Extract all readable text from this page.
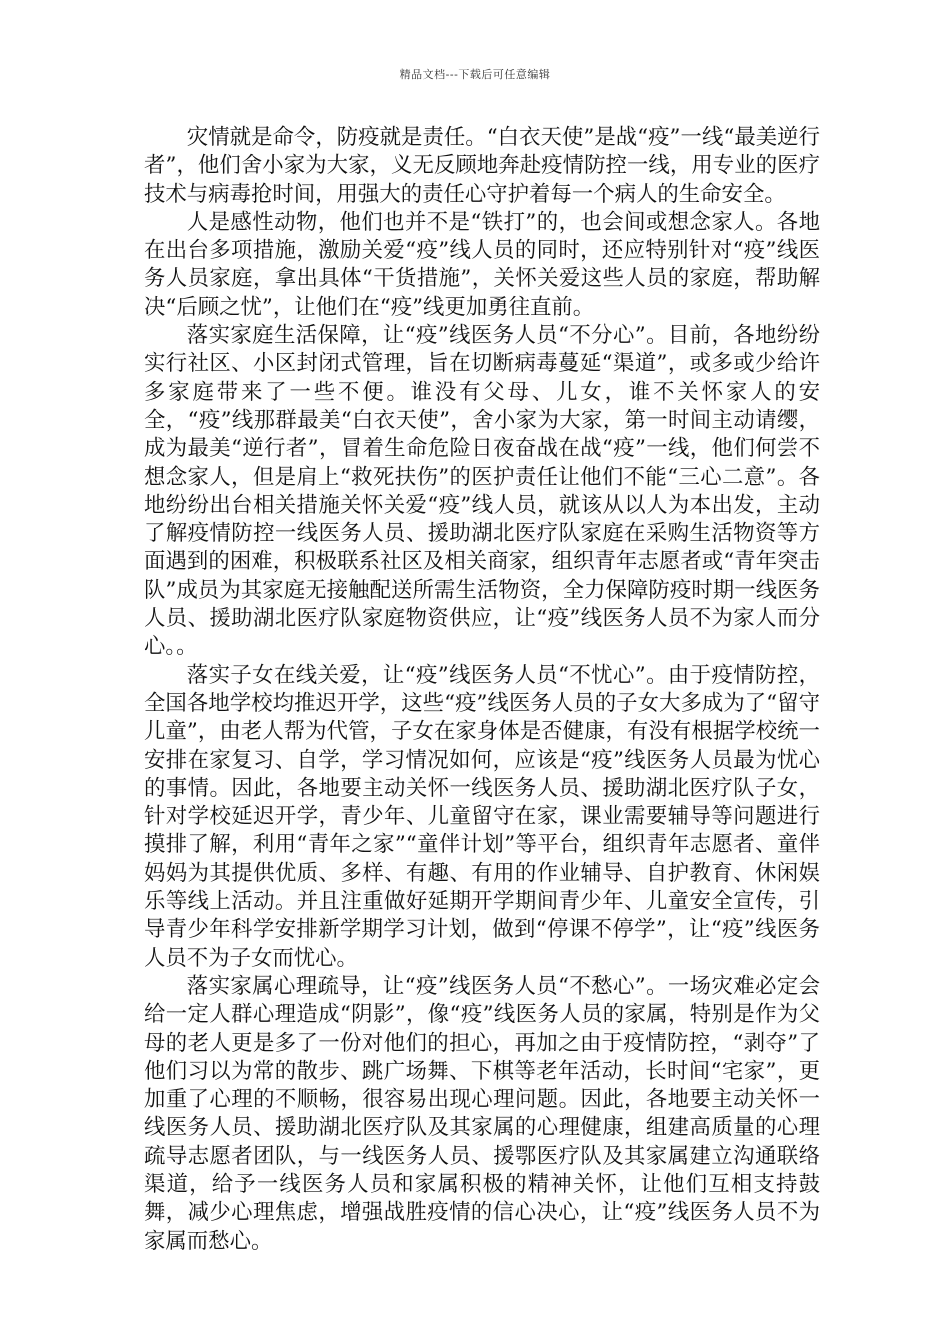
精品文档---下载后可任意编辑

灾情就是命令，防疫就是责任。“白衣天使”是战“疫”一线“最美逆行者”，他们舍小家为大家，义无反顾地奔赴疫情防控一线，用专业的医疗技术与病毒抢时间，用强大的责任心守护着每一个病人的生命安全。

人是感性动物，他们也并不是“铁打”的，也会间或想念家人。各地在出台多项措施，激励关爱“疫”线人员的同时，还应特别针对“疫”线医务人员家庭，拿出具体“干货措施”，关怀关爱这些人员的家庭，帮助解决“后顾之忧”，让他们在“疫”线更加勇往直前。

落实家庭生活保障，让“疫”线医务人员“不分心”。目前，各地纷纷实行社区、小区封闭式管理，旨在切断病毒蔓延“渠道”，或多或少给许多家庭带来了一些不便。谁没有父母、儿女，谁不关怀家人的安全，“疫”线那群最美“白衣天使”，舍小家为大家，第一时间主动请缨，成为最美“逆行者”，冒着生命危险日夜奋战在战“疫”一线，他们何尝不想念家人，但是肩上“救死扶伤”的医护责任让他们不能“三心二意”。各地纷纷出台相关措施关怀关爱“疫”线人员，就该从以人为本出发，主动了解疫情防控一线医务人员、援助湖北医疗队家庭在采购生活物资等方面遇到的困难，积极联系社区及相关商家，组织青年志愿者或“青年突击队”成员为其家庭无接触配送所需生活物资，全力保障防疫时期一线医务人员、援助湖北医疗队家庭物资供应，让“疫”线医务人员不为家人而分心。。

落实子女在线关爱，让“疫”线医务人员“不忧心”。由于疫情防控，全国各地学校均推迟开学，这些“疫”线医务人员的子女大多成为了“留守儿童”，由老人帮为代管，子女在家身体是否健康，有没有根据学校统一安排在家复习、自学，学习情况如何，应该是“疫”线医务人员最为忧心的事情。因此，各地要主动关怀一线医务人员、援助湖北医疗队子女，针对学校延迟开学，青少年、儿童留守在家，课业需要辅导等问题进行摸排了解，利用“青年之家”“童伴计划”等平台，组织青年志愿者、童伴妈妈为其提供优质、多样、有趣、有用的作业辅导、自护教育、休闲娱乐等线上活动。并且注重做好延期开学期间青少年、儿童安全宣传，引导青少年科学安排新学期学习计划，做到“停课不停学”，让“疫”线医务人员不为子女而忧心。

落实家属心理疏导，让“疫”线医务人员“不愁心”。一场灾难必定会给一定人群心理造成“阴影”，像“疫”线医务人员的家属，特别是作为父母的老人更是多了一份对他们的担心，再加之由于疫情防控，“剥夺”了他们习以为常的散步、跳广场舞、下棋等老年活动，长时间“宅家”，更加重了心理的不顺畅，很容易出现心理问题。因此，各地要主动关怀一线医务人员、援助湖北医疗队及其家属的心理健康，组建高质量的心理疏导志愿者团队，与一线医务人员、援鄂医疗队及其家属建立沟通联络渠道，给予一线医务人员和家属积极的精神关怀，让他们互相支持鼓舞，减少心理焦虑，增强战胜疫情的信心决心，让“疫”线医务人员不为家属而愁心。
